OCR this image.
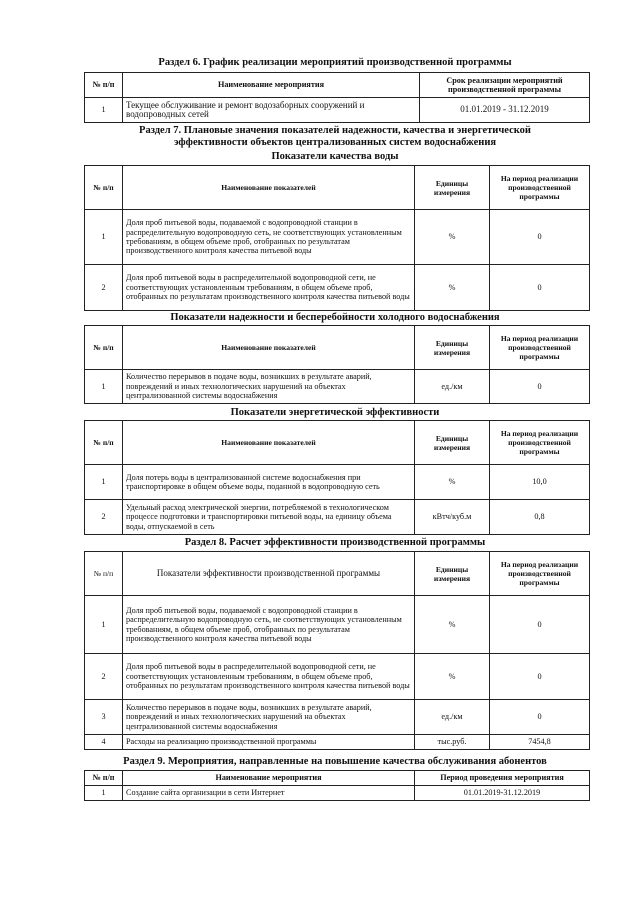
Раздел 6. График реализации мероприятий производственной программы
№ п/п	Наименование мероприятия	Срок реализации мероприятий производственной программы
1	Текущее обслуживание и ремонт водозаборных сооружений и водопроводных сетей	01.01.2019 - 31.12.2019
Раздел 7. Плановые значения показателей надежности, качества и энергетической
эффективности объектов централизованных систем водоснабжения
Показатели качества воды
№ п/п	Наименование показателей	Единицы измерения	На период реализации производственной программы
1	Доля проб питьевой воды, подаваемой с водопроводной станции в распределительную водопроводную сеть, не соответствующих установленным требованиям, в общем объеме проб, отобранных по результатам производственного контроля качества питьевой воды	%	0
2	Доля проб питьевой воды в распределительной водопроводной сети, не соответствующих установленным требованиям, в общем объеме проб, отобранных по результатам производственного контроля качества питьевой воды	%	0
Показатели надежности и бесперебойности холодного водоснабжения
№ п/п	Наименование показателей	Единицы измерения	На период реализации производственной программы
1	Количество перерывов в подаче воды, возникших в результате аварий, повреждений и иных технологических нарушений на объектах централизованной системы водоснабжения	ед./км	0
Показатели энергетической эффективности
№ п/п	Наименование показателей	Единицы измерения	На период реализации производственной программы
1	Доля потерь воды в централизованной системе водоснабжения при транспортировке в общем объеме воды, поданной в водопроводную сеть	%	10,0
2	Удельный расход электрической энергии, потребляемой в технологическом процессе подготовки и транспортировки питьевой воды, на единицу объема воды, отпускаемой в сеть	кВтч/куб.м	0,8
Раздел 8. Расчет эффективности производственной программы
№ п/п	Показатели эффективности производственной программы	Единицы измерения	На период реализации производственной программы
1	Доля проб питьевой воды, подаваемой с водопроводной станции в распределительную водопроводную сеть, не соответствующих установленным требованиям, в общем объеме проб, отобранных по результатам производственного контроля качества питьевой воды	%	0
2	Доля проб питьевой воды в распределительной водопроводной сети, не соответствующих установленным требованиям, в общем объеме проб, отобранных по результатам производственного контроля качества питьевой воды	%	0
3	Количество перерывов в подаче воды, возникших в результате аварий, повреждений и иных технологических нарушений на объектах централизованной системы водоснабжения	ед./км	0
4	Расходы на реализацию производственной программы	тыс.руб.	7454,8
Раздел 9. Мероприятия, направленные на повышение качества обслуживания абонентов
№ п/п	Наименование мероприятия	Период проведения мероприятия
1	Создание сайта организации в сети Интернет	01.01.2019-31.12.2019
